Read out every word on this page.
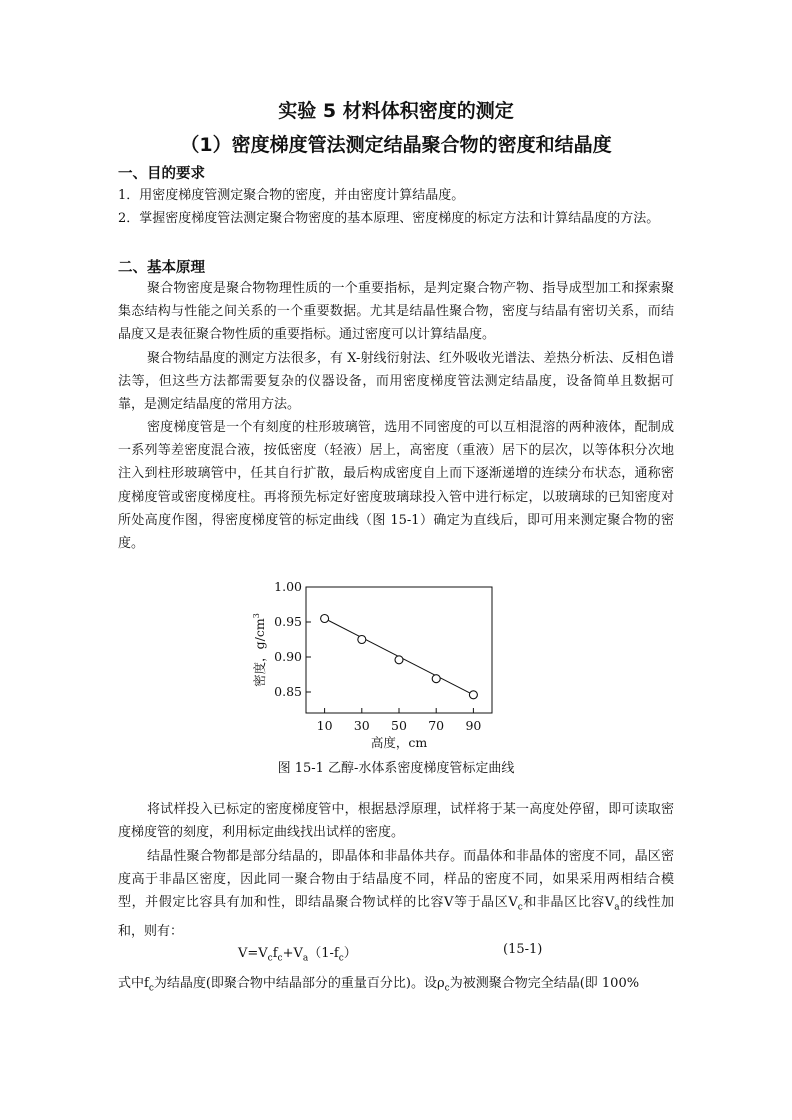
实验 5 材料体积密度的测定
（1）密度梯度管法测定结晶聚合物的密度和结晶度
一、目的要求
1．用密度梯度管测定聚合物的密度，并由密度计算结晶度。
2．掌握密度梯度管法测定聚合物密度的基本原理、密度梯度的标定方法和计算结晶度的方法。
二、基本原理
聚合物密度是聚合物物理性质的一个重要指标，是判定聚合物产物、指导成型加工和探索聚集态结构与性能之间关系的一个重要数据。尤其是结晶性聚合物，密度与结晶有密切关系，而结晶度又是表征聚合物性质的重要指标。通过密度可以计算结晶度。
聚合物结晶度的测定方法很多，有 X-射线衍射法、红外吸收光谱法、差热分析法、反相色谱法等，但这些方法都需要复杂的仪器设备，而用密度梯度管法测定结晶度，设备简单且数据可靠，是测定结晶度的常用方法。
密度梯度管是一个有刻度的柱形玻璃管，选用不同密度的可以互相混溶的两种液体，配制成一系列等差密度混合液，按低密度（轻液）居上，高密度（重液）居下的层次，以等体积分次地注入到柱形玻璃管中，任其自行扩散，最后构成密度自上而下逐渐递增的连续分布状态，通称密度梯度管或密度梯度柱。再将预先标定好密度玻璃球投入管中进行标定，以玻璃球的已知密度对所处高度作图，得密度梯度管的标定曲线（图 15-1）确定为直线后，即可用来测定聚合物的密度。
0.85
0.90
0.95
1.00
10 30 50 70 90
高度，cm
密度，$g/cm^3$
图 15-1 乙醇-水体系密度梯度管标定曲线
将试样投入已标定的密度梯度管中，根据悬浮原理，试样将于某一高度处停留，即可读取密度梯度管的刻度，利用标定曲线找出试样的密度。
结晶性聚合物都是部分结晶的，即晶体和非晶体共存。而晶体和非晶体的密度不同，晶区密度高于非晶区密度，因此同一聚合物由于结晶度不同，样品的密度不同，如果采用两相结合模型，并假定比容具有加和性，即结晶聚合物试样的比容V等于晶区$V_c$和非晶区比容$V_a$的线性加和，则有：
$V=V_cf_c+V_a(1-f_c)$	(15-1)
式中$f_c$为结晶度(即聚合物中结晶部分的重量百分比)。设$\rho_c$为被测聚合物完全结晶(即 100%
